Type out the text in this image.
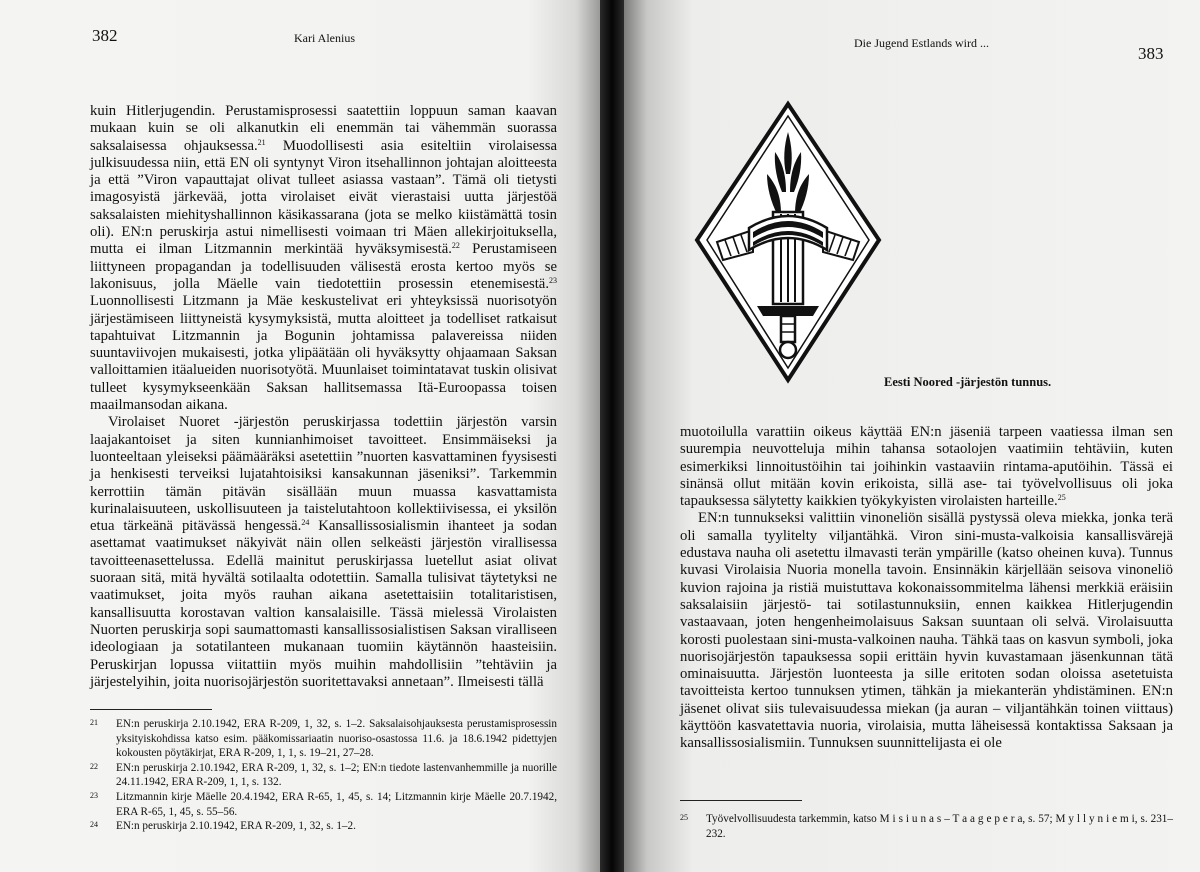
382	Kari Alenius

kuin Hitlerjugendin. Perustamisprosessi saatettiin loppuun saman kaavan mukaan kuin se oli alkanutkin eli enemmän tai vähemmän suorassa saksalaisessa ohjauksessa.$^{21}$ Muodollisesti asia esiteltiin virolaisessa julkisuudessa niin, että EN oli syntynyt Viron itsehallinnon johtajan aloitteesta ja että ”Viron vapauttajat olivat tulleet asiassa vastaan”. Tämä oli tietysti imagosyistä järkevää, jotta virolaiset eivät vierastaisi uutta järjestöä saksalaisten miehityshallinnon käsikassarana (jota se melko kiistämättä tosin oli). EN:n peruskirja astui nimellisesti voimaan tri Mäen allekirjoituksella, mutta ei ilman Litzmannin merkintää hyväksymisestä.$^{22}$ Perustamiseen liittyneen propagandan ja todellisuuden välisestä erosta kertoo myös se lakonisuus, jolla Mäelle vain tiedotettiin prosessin etenemisestä.$^{23}$ Luonnollisesti Litzmann ja Mäe keskustelivat eri yhteyksissä nuorisotyön järjestämiseen liittyneistä kysymyksistä, mutta aloitteet ja todelliset ratkaisut tapahtuivat Litzmannin ja Bogunin johtamissa palavereissa niiden suuntaviivojen mukaisesti, jotka ylipäätään oli hyväksytty ohjaamaan Saksan valloittamien itäalueiden nuorisotyötä. Muunlaiset toimintatavat tuskin olisivat tulleet kysymykseenkään Saksan hallitsemassa Itä-Euroopassa toisen maailmansodan aikana.

Virolaiset Nuoret -järjestön peruskirjassa todettiin järjestön varsin laajakantoiset ja siten kunnianhimoiset tavoitteet. Ensimmäiseksi ja luonteeltaan yleiseksi päämääräksi asetettiin ”nuorten kasvattaminen fyysisesti ja henkisesti terveiksi lujatahtoisiksi kansakunnan jäseniksi”. Tarkemmin kerrottiin tämän pitävän sisällään muun muassa kasvattamista kurinalaisuuteen, uskollisuuteen ja taistelutahtoon kollektiivisessa, ei yksilön etua tärkeänä pitävässä hengessä.$^{24}$ Kansallissosialismin ihanteet ja sodan asettamat vaatimukset näkyivät näin ollen selkeästi järjestön virallisessa tavoitteenasettelussa. Edellä mainitut peruskirjassa luetellut asiat olivat suoraan sitä, mitä hyvältä sotilaalta odotettiin. Samalla tulisivat täytetyksi ne vaatimukset, joita myös rauhan aikana asetettaisiin totalitaristisen, kansallisuutta korostavan valtion kansalaisille. Tässä mielessä Virolaisten Nuorten peruskirja sopi saumattomasti kansallissosialistisen Saksan viralliseen ideologiaan ja sotatilanteen mukanaan tuomiin käytännön haasteisiin. Peruskirjan lopussa viitattiin myös muihin mahdollisiin ”tehtäviin ja järjestelyihin, joita nuorisojärjestön suoritettavaksi annetaan”. Ilmeisesti tällä

21 EN:n peruskirja 2.10.1942, ERA R-209, 1, 32, s. 1–2. Saksalaisohjauksesta perustamisprosessin yksityiskohdissa katso esim. pääkomissariaatin nuoriso-osastossa 11.6. ja 18.6.1942 pidettyjen kokousten pöytäkirjat, ERA R-209, 1, 1, s. 19–21, 27–28.
22 EN:n peruskirja 2.10.1942, ERA R-209, 1, 32, s. 1–2; EN:n tiedote lastenvanhemmille ja nuorille 24.11.1942, ERA R-209, 1, 1, s. 132.
23 Litzmannin kirje Mäelle 20.4.1942, ERA R-65, 1, 45, s. 14; Litzmannin kirje Mäelle 20.7.1942, ERA R-65, 1, 45, s. 55–56.
24 EN:n peruskirja 2.10.1942, ERA R-209, 1, 32, s. 1–2.
Die Jugend Estlands wird ...
383
Eesti Noored -järjestön tunnus.

muotoilulla varattiin oikeus käyttää EN:n jäseniä tarpeen vaatiessa ilman sen suurempia neuvotteluja mihin tahansa sotaolojen vaatimiin tehtäviin, kuten esimerkiksi linnoitustöihin tai joihinkin vastaaviin rintama-aputöihin. Tässä ei sinänsä ollut mitään kovin erikoista, sillä ase- tai työvelvollisuus oli joka tapauksessa sälytetty kaikkien työkykyisten virolaisten harteille.$^{25}$

EN:n tunnukseksi valittiin vinoneliön sisällä pystyssä oleva miekka, jonka terä oli samalla tyylitelty viljantähkä. Viron sini-musta-valkoisia kansallisvärejä edustava nauha oli asetettu ilmavasti terän ympärille (katso oheinen kuva). Tunnus kuvasi Virolaisia Nuoria monella tavoin. Ensinnäkin kärjellään seisova vinoneliö kuvion rajoina ja ristiä muistuttava kokonaissommitelma lähensi merkkiä eräisiin saksalaisiin järjestö- tai sotilastunnuksiin, ennen kaikkea Hitlerjugendin vastaavaan, joten hengenheimolaisuus Saksan suuntaan oli selvä. Virolaisuutta korosti puolestaan sini-musta-valkoinen nauha. Tähkä taas on kasvun symboli, joka nuorisojärjestön tapauksessa sopii erittäin hyvin kuvastamaan jäsenkunnan tätä ominaisuutta. Järjestön luonteesta ja sille eritoten sodan oloissa asetetuista tavoitteista kertoo tunnuksen ytimen, tähkän ja miekanterän yhdistäminen. EN:n jäsenet olivat siis tulevaisuudessa miekan (ja auran – viljantähkän toinen viittaus) käyttöön kasvatettavia nuoria, virolaisia, mutta läheisessä kontaktissa Saksaan ja kansallissosialismiin. Tunnuksen suunnittelijasta ei ole

25 Työvelvollisuudesta tarkemmin, katso M i s i u n a s – T a a g e p e r a, s. 57; M y l l y n i e m i, s. 231–232.
